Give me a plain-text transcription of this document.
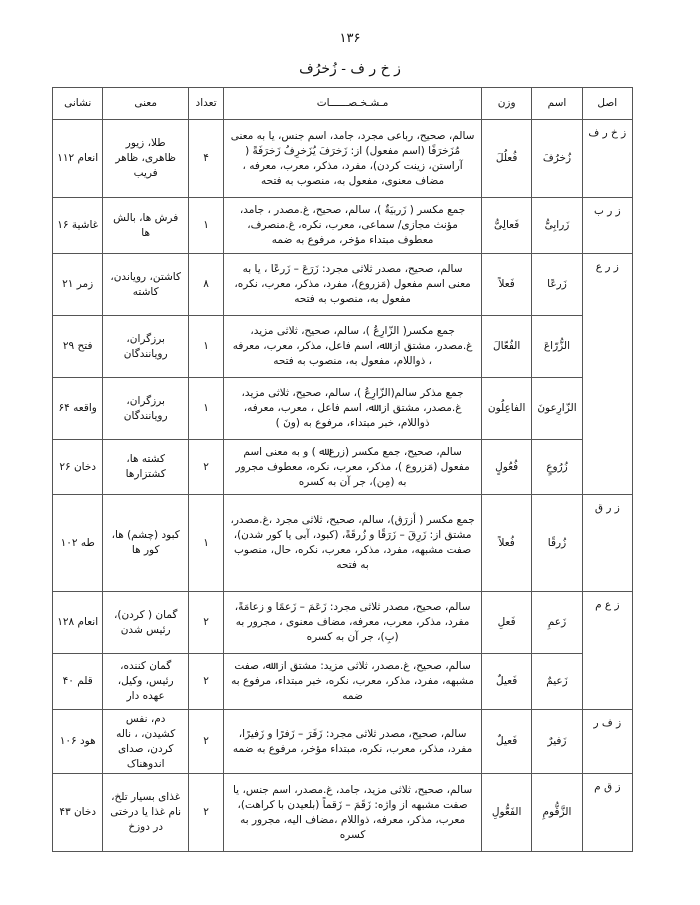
۱۳۶
ز خ ر ف - زُخرُف
اصل	اسم	وزن	مـشـخـصــــــات	تعداد	معنی	نشانی
ز خ ر ف	زُخرُفَ	فُعلُلَ	سالم، صحیح، رباعی مجرد، جامد، اسم جنس، یا به معنی مُزَخرَفًا (اسم مفعول) از: زَخرَفَ يُزَخرِفُ زَخرَفَةً ( آراستن، زینت کردن)، مفرد، مذکر، معرب، معرفه ، مضاف معنوی، مفعول به، منصوب به فتحه	۴	طلا، زیور ظاهری، ظاهر فریب	انعام ۱۱۲
ز ر ب	زَرابِیُّ	فَعالِیُّ	جمع مکسر ( زَربیَةٌ )، سالم، صحیح، غ.مصدر ، جامد، مؤنث مجازی/ سماعی، معرب، نکره، غ.منصرف، معطوف مبتداء مؤخر، مرفوع به ضمه	۱	فرش ها، بالش ها	غاشیة ۱۶
ز ر ع	زَرعًا	فَعلاً	سالم، صحیح، مصدر ثلاثی مجرد: زَرَعَ – زَرعًا ، یا به معنی اسم مفعول (مَزروع)، مفرد، مذکر، معرب، نکره، مفعول به، منصوب به فتحه	۸	کاشتن، رویاندن، کاشته	زمر ۲۱
	الزُّرّاعَ	الفُعّالَ	جمع مکسر( الزّارِعُ )، سالم، صحیح، ثلاثی مزید، غ.مصدر، مشتق از: ﷲ، اسم فاعل، مذکر، معرب، معرفه ، ذواللام، مفعول به، منصوب به فتحه	۱	برزگران، رویانندگان	فتح ۲۹
	الزّارِعونَ	الفاعِلُون	جمع مذکر سالم(الزّارِعُ )، سالم، صحیح، ثلاثی مزید، غ.مصدر، مشتق از: ﷲ، اسم فاعل ، معرب، معرفه، ذواللام، خبر مبتداء، مرفوع به (ونَ )	۱	برزگران، رویانندگان	واقعه ۶۴
	زُرُوعٍ	فُعُولٍ	سالم، صحیح، جمع مکسر (زرع ﷲ ) و به معنی اسم مفعول (مَزروع )، مذکر، معرب، نکره، معطوف مجرور به (مِن)، جر آن به کسره	۲	کشته ها، کشتزارها	دخان ۲۶
ز ر ق	زُرقًا	فُعلاً	جمع مکسر ( أزرَق)، سالم، صحیح، ثلاثی مجرد ،غ.مصدر، مشتق از: زَرِقَ – زَرَقًا و زُرقَةً، (کبود، آبی یا کور شدن)، صفت مشبهه، مفرد، مذکر، معرب، نکره، حال، منصوب به فتحه	۱	کبود (چشم) ها، کور ها	طه ۱۰۲
ز ع م	زَعمِ	فَعلِ	سالم، صحیح، مصدر ثلاثی مجرد: زَعَمَ – زَعمًا و زعامَةً، مفرد، مذکر، معرب، معرفه، مضاف معنوی ، مجرور به (بِ)، جر آن به کسره	۲	گمان ( کردن)، رئیس شدن	انعام ۱۲۸
	زَعیمٌ	فَعیلٌ	سالم، صحیح، غ.مصدر، ثلاثی مزید: مشتق از: ﷲ، صفت مشبهه، مفرد، مذکر، معرب، نکره، خبر مبتداء، مرفوع به ضمه	۲	گمان کننده، رئیس، وکیل، عهده دار	قلم ۴۰
ز ف ر	زَفیرٌ	فَعیلٌ	سالم، صحیح، مصدر ثلاثی مجرد: زَفَرَ – زَفرًا و زَفیرًا، مفرد، مذکر، معرب، نکره، مبتداء مؤخر، مرفوع به ضمه	۲	دم، نفس کشیدن، ، ناله کردن، صدای اندوهناک	هود ۱۰۶
ز ق م	الزَّقُّومِ	الفَعُّولِ	سالم، صحیح، ثلاثی مزید، جامد، غ.مصدر، اسم جنس، یا صفت مشبهه از واژه: زَقَمَ – زَقماً (بلعیدن با کراهت)، معرب، مذکر، معرفه، ذواللام ،مضاف الیه، مجرور به کسره	۲	غذای بسیار تلخ، نام غذا یا درختی در دوزخ	دخان ۴۳
